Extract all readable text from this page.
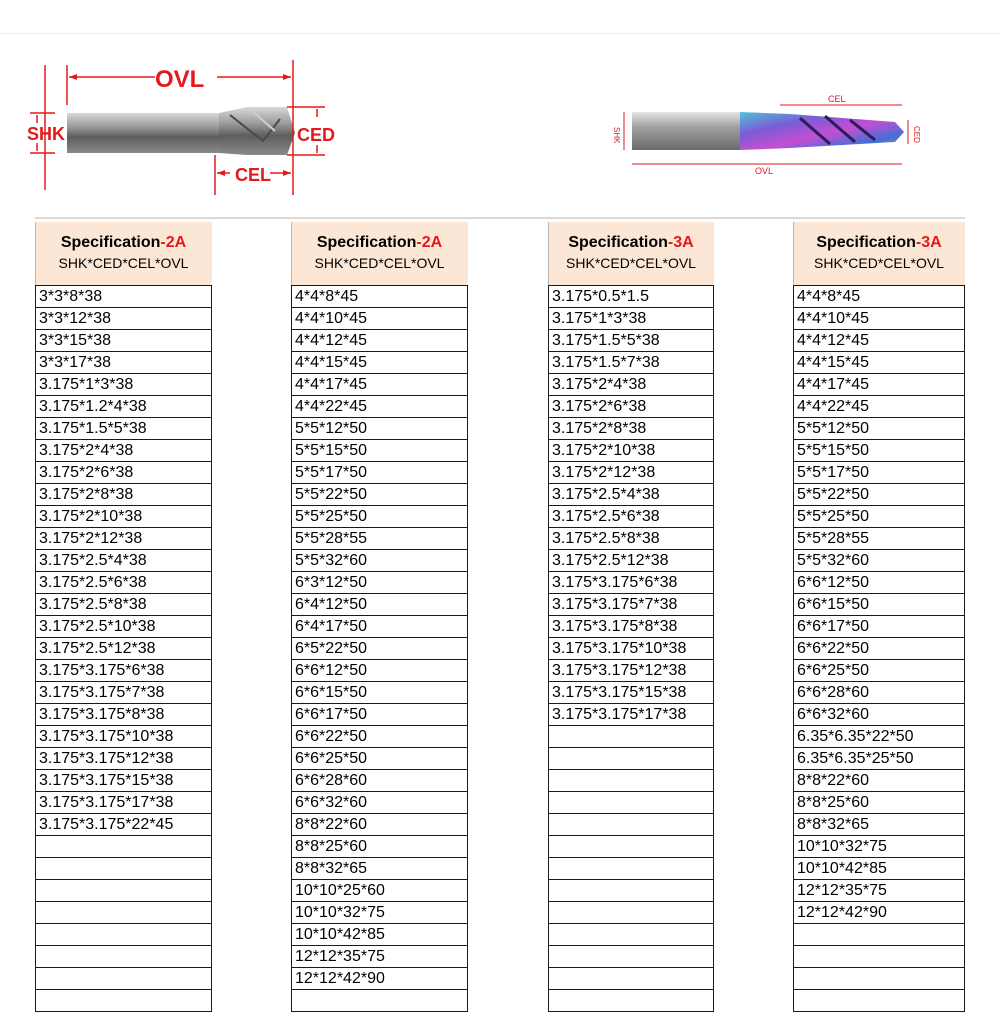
OVL
SHK	CED
CEL
CEL
OVL
SHK	CED
Specification-2A
SHK*CED*CEL*OVL
Specification-2A
SHK*CED*CEL*OVL
Specification-3A
SHK*CED*CEL*OVL
Specification-3A
SHK*CED*CEL*OVL
3*3*8*38
3*3*12*38
3*3*15*38
3*3*17*38
3.175*1*3*38
3.175*1.2*4*38
3.175*1.5*5*38
3.175*2*4*38
3.175*2*6*38
3.175*2*8*38
3.175*2*10*38
3.175*2*12*38
3.175*2.5*4*38
3.175*2.5*6*38
3.175*2.5*8*38
3.175*2.5*10*38
3.175*2.5*12*38
3.175*3.175*6*38
3.175*3.175*7*38
3.175*3.175*8*38
3.175*3.175*10*38
3.175*3.175*12*38
3.175*3.175*15*38
3.175*3.175*17*38
3.175*3.175*22*45
4*4*8*45
4*4*10*45
4*4*12*45
4*4*15*45
4*4*17*45
4*4*22*45
5*5*12*50
5*5*15*50
5*5*17*50
5*5*22*50
5*5*25*50
5*5*28*55
5*5*32*60
6*3*12*50
6*4*12*50
6*4*17*50
6*5*22*50
6*6*12*50
6*6*15*50
6*6*17*50
6*6*22*50
6*6*25*50
6*6*28*60
6*6*32*60
8*8*22*60
8*8*25*60
8*8*32*65
10*10*25*60
10*10*32*75
10*10*42*85
12*12*35*75
12*12*42*90
3.175*0.5*1.5
3.175*1*3*38
3.175*1.5*5*38
3.175*1.5*7*38
3.175*2*4*38
3.175*2*6*38
3.175*2*8*38
3.175*2*10*38
3.175*2*12*38
3.175*2.5*4*38
3.175*2.5*6*38
3.175*2.5*8*38
3.175*2.5*12*38
3.175*3.175*6*38
3.175*3.175*7*38
3.175*3.175*8*38
3.175*3.175*10*38
3.175*3.175*12*38
3.175*3.175*15*38
3.175*3.175*17*38
4*4*8*45
4*4*10*45
4*4*12*45
4*4*15*45
4*4*17*45
4*4*22*45
5*5*12*50
5*5*15*50
5*5*17*50
5*5*22*50
5*5*25*50
5*5*28*55
5*5*32*60
6*6*12*50
6*6*15*50
6*6*17*50
6*6*22*50
6*6*25*50
6*6*28*60
6*6*32*60
6.35*6.35*22*50
6.35*6.35*25*50
8*8*22*60
8*8*25*60
8*8*32*65
10*10*32*75
10*10*42*85
12*12*35*75
12*12*42*90
